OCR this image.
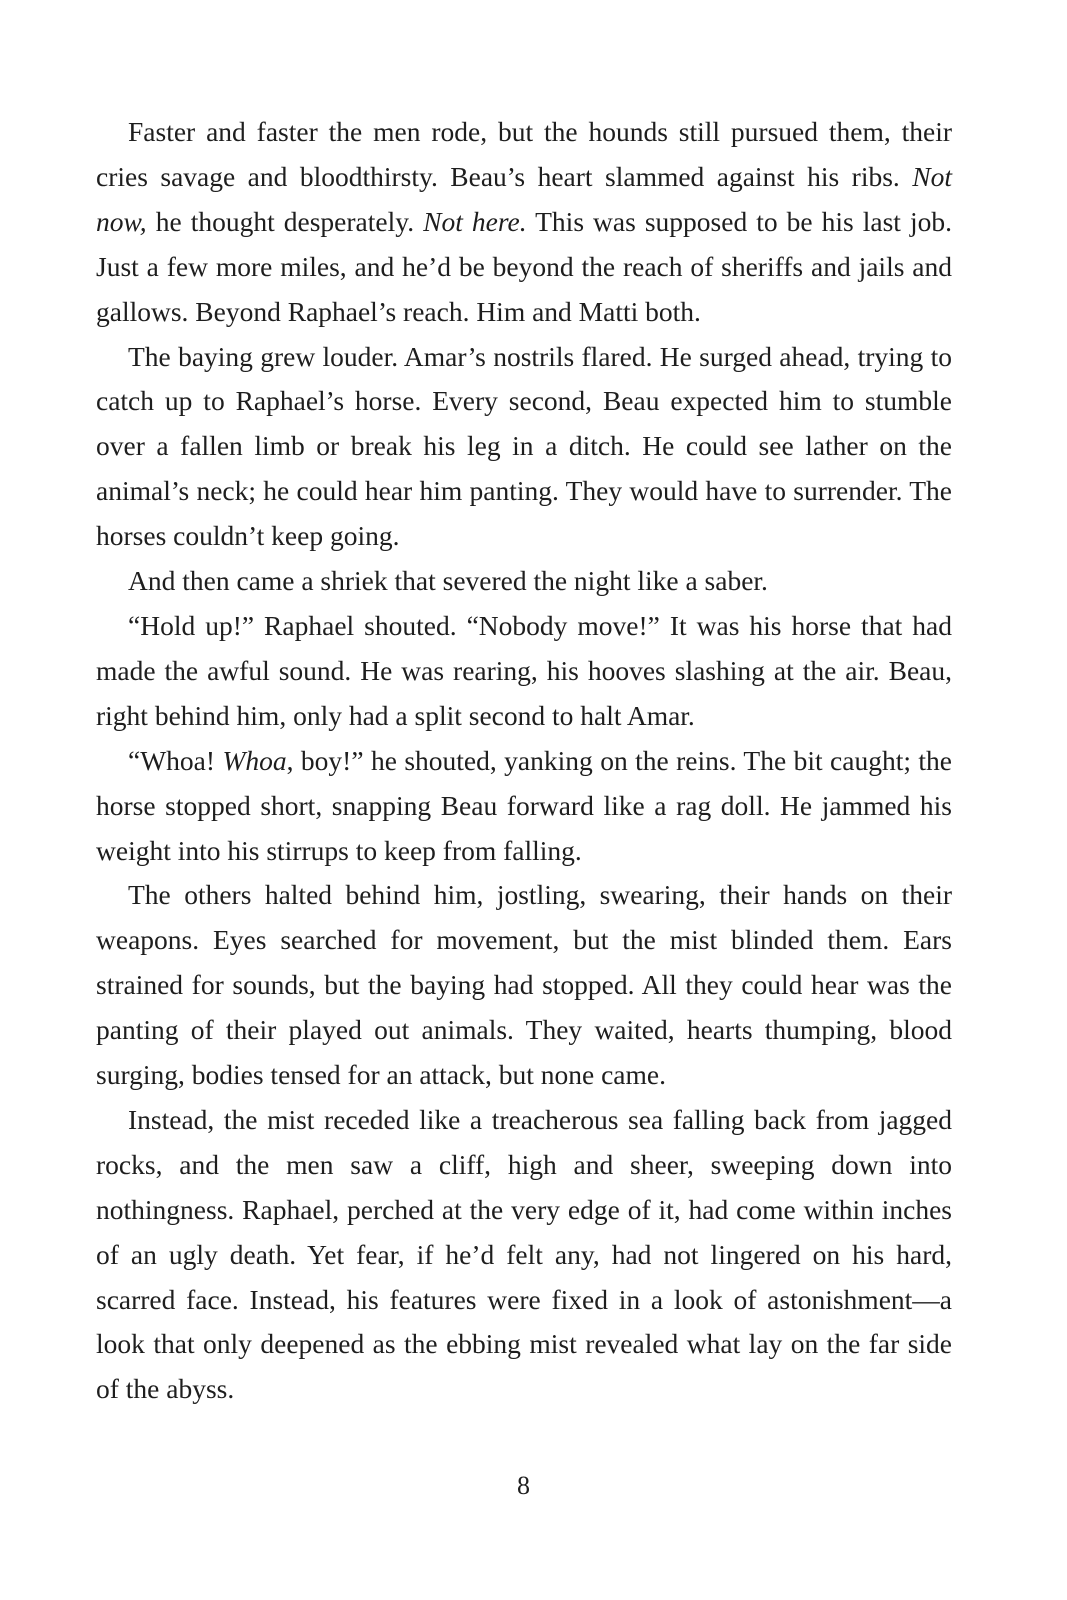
Faster and faster the men rode, but the hounds still pursued them, their cries savage and bloodthirsty. Beau’s heart slammed against his ribs. Not now, he thought desperately. Not here. This was supposed to be his last job. Just a few more miles, and he’d be beyond the reach of sheriffs and jails and gallows. Beyond Raphael’s reach. Him and Matti both.

The baying grew louder. Amar’s nostrils flared. He surged ahead, trying to catch up to Raphael’s horse. Every second, Beau expected him to stumble over a fallen limb or break his leg in a ditch. He could see lather on the animal’s neck; he could hear him panting. They would have to surrender. The horses couldn’t keep going.

And then came a shriek that severed the night like a saber.

“Hold up!” Raphael shouted. “Nobody move!” It was his horse that had made the awful sound. He was rearing, his hooves slashing at the air. Beau, right behind him, only had a split second to halt Amar.

“Whoa! Whoa, boy!” he shouted, yanking on the reins. The bit caught; the horse stopped short, snapping Beau forward like a rag doll. He jammed his weight into his stirrups to keep from falling.

The others halted behind him, jostling, swearing, their hands on their weapons. Eyes searched for movement, but the mist blinded them. Ears strained for sounds, but the baying had stopped. All they could hear was the panting of their played out animals. They waited, hearts thumping, blood surging, bodies tensed for an attack, but none came.

Instead, the mist receded like a treacherous sea falling back from jagged rocks, and the men saw a cliff, high and sheer, sweeping down into nothingness. Raphael, perched at the very edge of it, had come within inches of an ugly death. Yet fear, if he’d felt any, had not lingered on his hard, scarred face. Instead, his features were fixed in a look of astonishment—a look that only deepened as the ebbing mist revealed what lay on the far side of the abyss.

8
